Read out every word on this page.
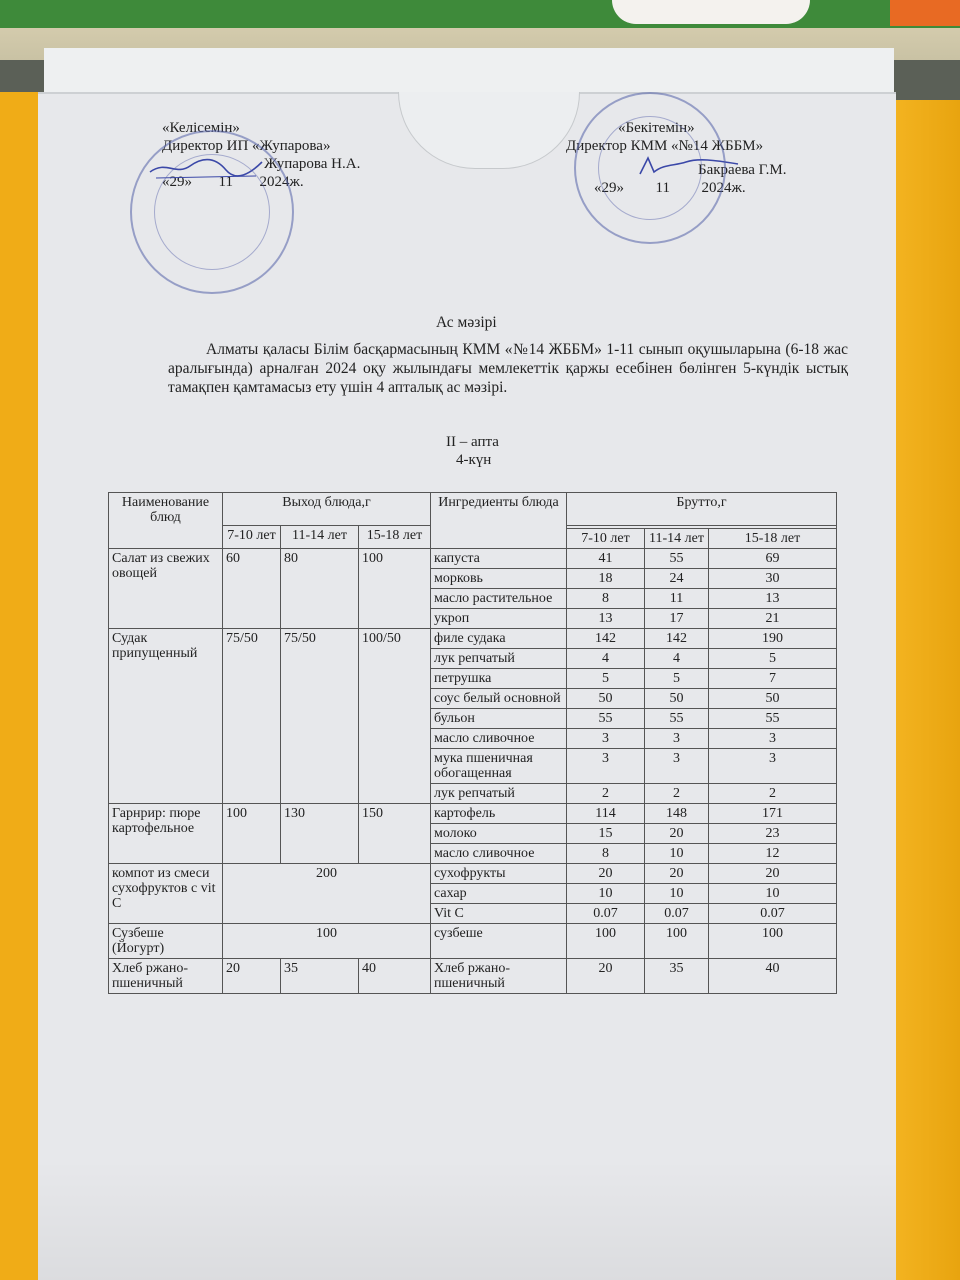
«Келісемін»
Директор ИП «Жупарова»
Жупарова Н.А.
«29» 11 2024ж.
«Бекітемін»
Директор КММ «№14 ЖББМ»
Бакраева Г.М.
«29» 11 2024ж.
Ас мәзірі
Алматы қаласы Білім басқармасының КММ «№14 ЖББМ» 1-11 сынып оқушыларына (6-18 жас аралығында) арналған 2024 оқу жылындағы мемлекеттік қаржы есебінен бөлінген 5-күндік ыстық тамақпен қамтамасыз ету үшін 4 апталық ас мәзірі.
II – апта
4-күн
Наименование блюд	Выход блюда,г			Ингредиенты блюда	Брутто,г		
	7-10 лет	11-14 лет	15-18 лет				
					7-10 лет	11-14 лет	15-18 лет
Салат из свежих овощей	60	80	100	капуста	41	55	69
				морковь	18	24	30
				масло растительное	8	11	13
				укроп	13	17	21
Судак припущенный	75/50	75/50	100/50	филе судака	142	142	190
				лук репчатый	4	4	5
				петрушка	5	5	7
				соус белый основной	50	50	50
				бульон	55	55	55
				масло сливочное	3	3	3
				мука пшеничная обогащенная	3	3	3
				лук репчатый	2	2	2
Гарнрир: пюре картофельное	100	130	150	картофель	114	148	171
				молоко	15	20	23
				масло сливочное	8	10	12
компот из смеси сухофруктов с vit C	200			сухофрукты	20	20	20
				сахар	10	10	10
				Vit C	0.07	0.07	0.07
Сузбеше (Йогурт)	100			сузбеше	100	100	100
Хлеб ржано-пшеничный	20	35	40	Хлеб ржано-пшеничный	20	35	40
